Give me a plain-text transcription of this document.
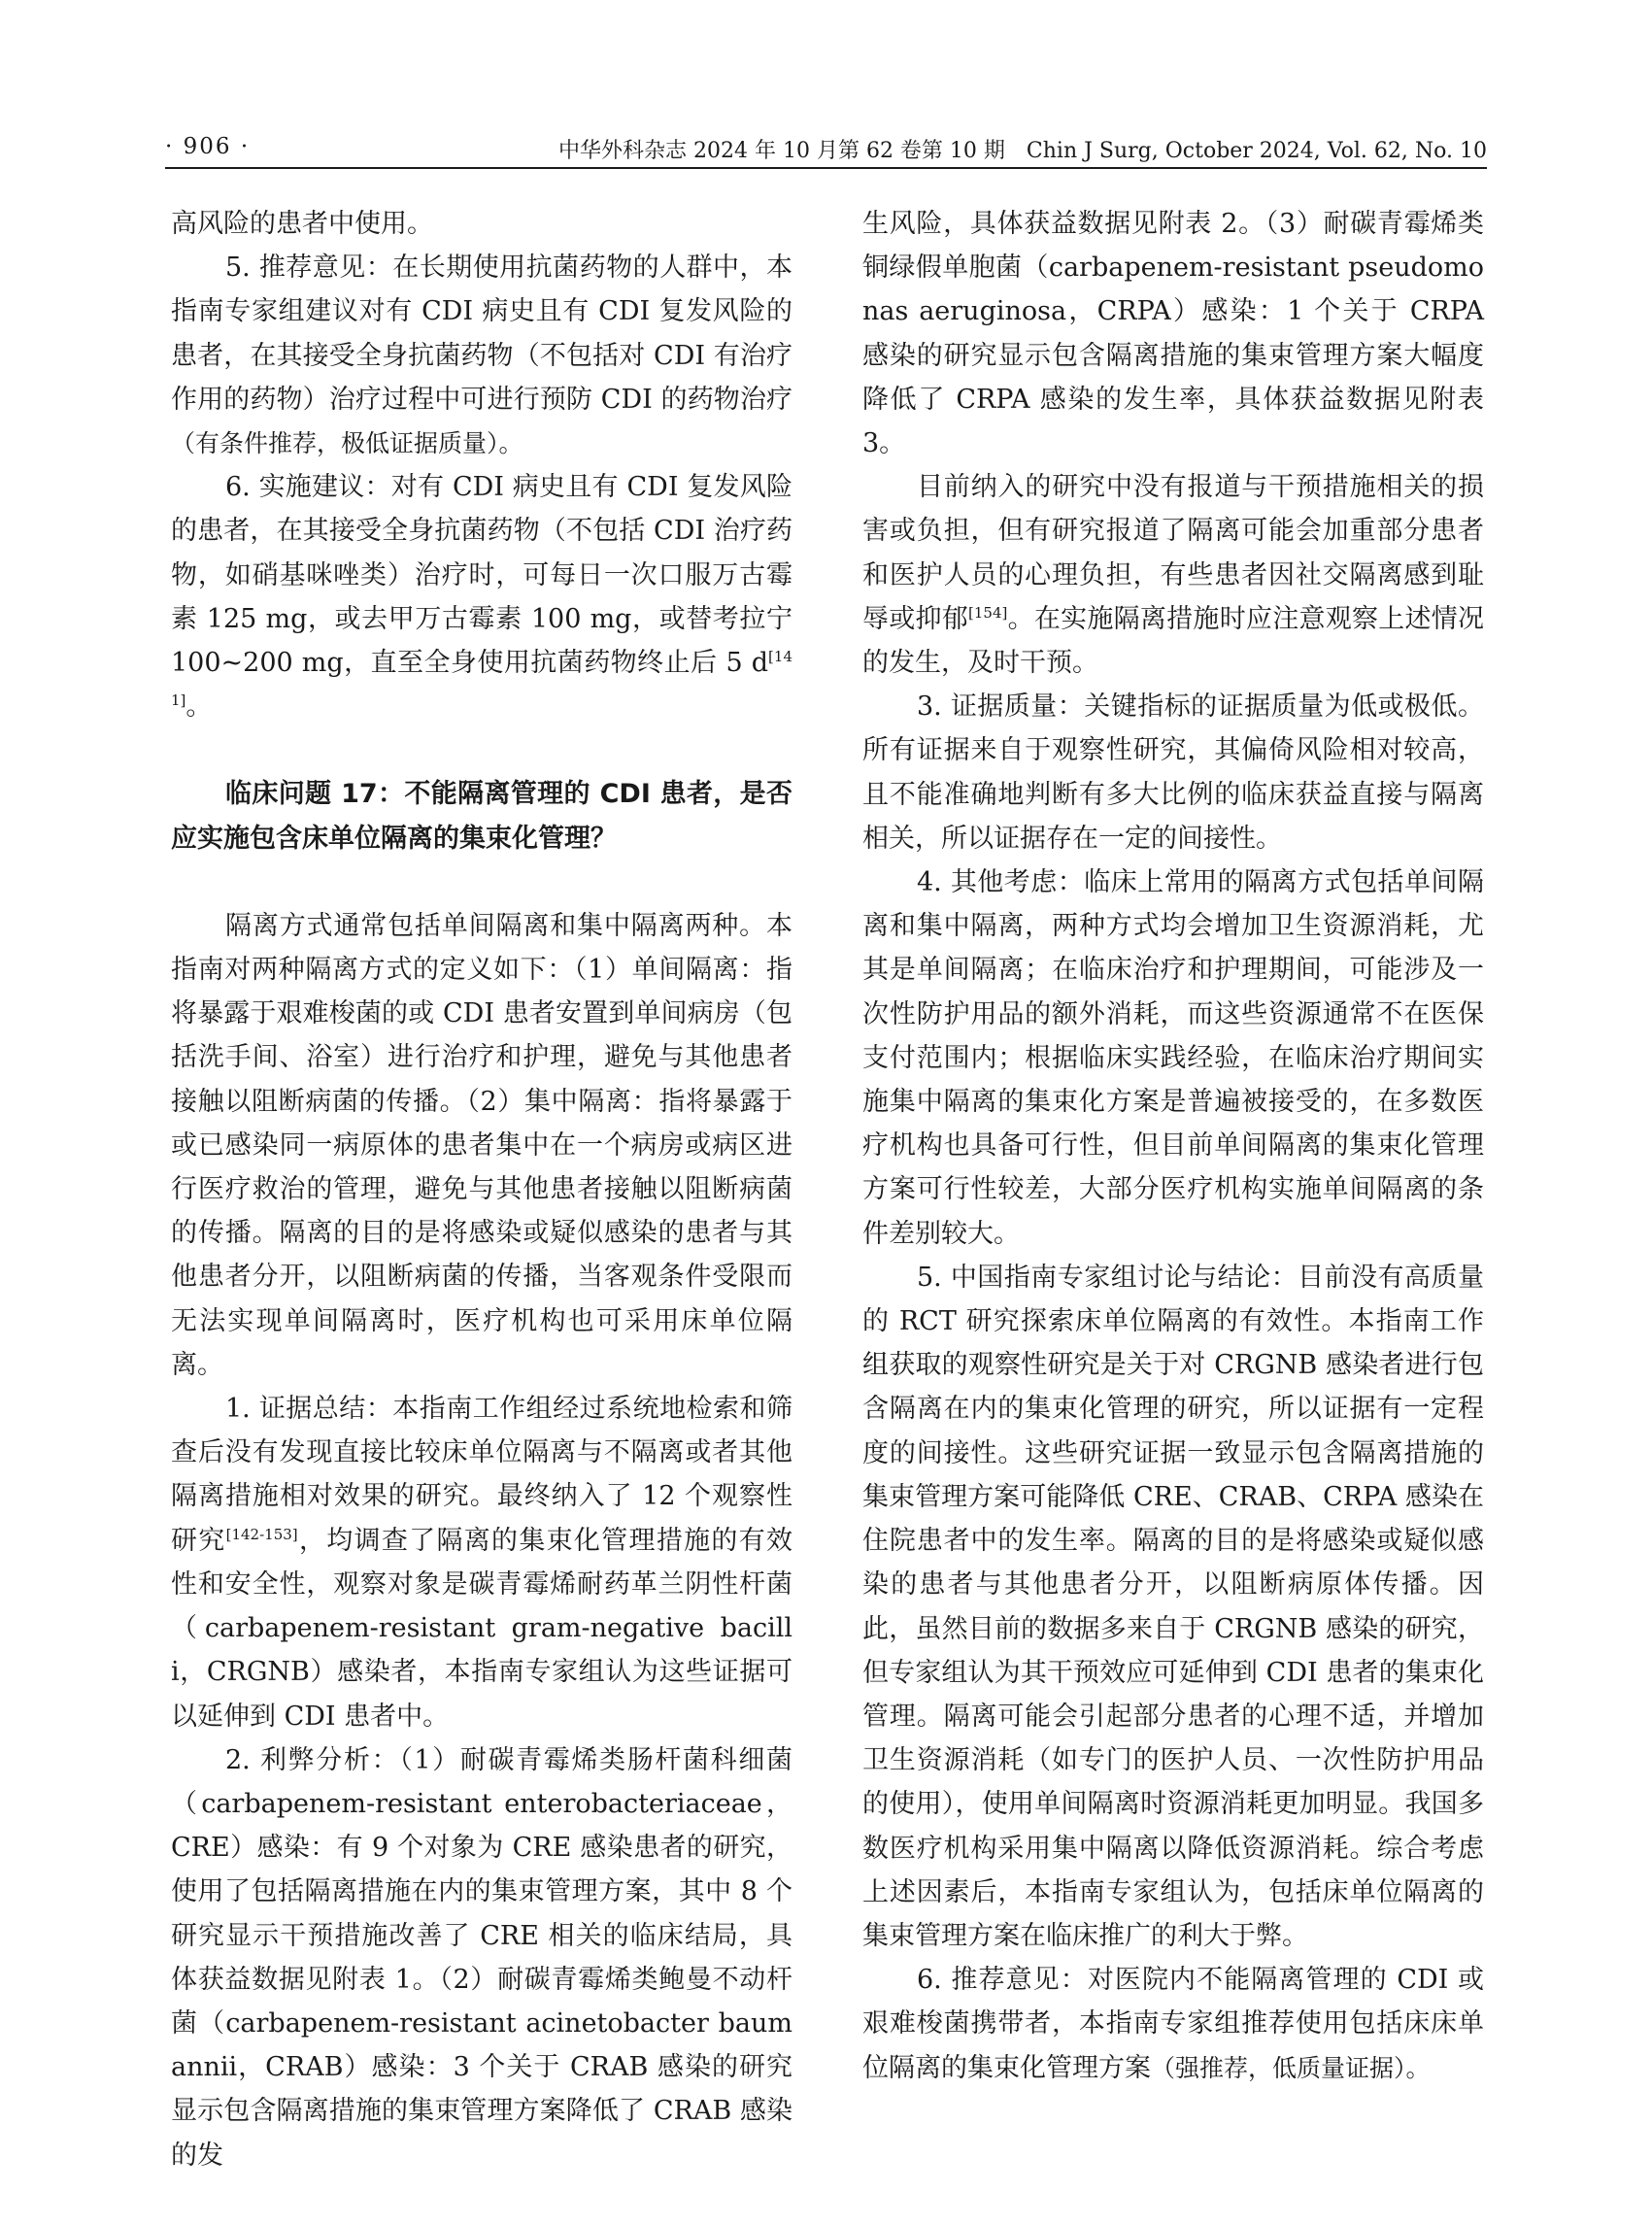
· 906 ·	中华外科杂志 2024 年 10 月第 62 卷第 10 期　Chin J Surg, October 2024, Vol. 62, No. 10

高风险的患者中使用。

5. 推荐意见：在长期使用抗菌药物的人群中，本指南专家组建议对有 CDI 病史且有 CDI 复发风险的患者，在其接受全身抗菌药物（不包括对 CDI 有治疗作用的药物）治疗过程中可进行预防 CDI 的药物治疗（有条件推荐，极低证据质量）。

6. 实施建议：对有 CDI 病史且有 CDI 复发风险的患者，在其接受全身抗菌药物（不包括 CDI 治疗药物，如硝基咪唑类）治疗时，可每日一次口服万古霉素 125 mg，或去甲万古霉素 100 mg，或替考拉宁 100~200 mg，直至全身使用抗菌药物终止后 5 d[141]。

临床问题 17：不能隔离管理的 CDI 患者，是否应实施包含床单位隔离的集束化管理？

隔离方式通常包括单间隔离和集中隔离两种。本指南对两种隔离方式的定义如下：（1）单间隔离：指将暴露于艰难梭菌的或 CDI 患者安置到单间病房（包括洗手间、浴室）进行治疗和护理，避免与其他患者接触以阻断病菌的传播。（2）集中隔离：指将暴露于或已感染同一病原体的患者集中在一个病房或病区进行医疗救治的管理，避免与其他患者接触以阻断病菌的传播。隔离的目的是将感染或疑似感染的患者与其他患者分开，以阻断病菌的传播，当客观条件受限而无法实现单间隔离时，医疗机构也可采用床单位隔离。

1. 证据总结：本指南工作组经过系统地检索和筛查后没有发现直接比较床单位隔离与不隔离或者其他隔离措施相对效果的研究。最终纳入了 12 个观察性研究[142-153]，均调查了隔离的集束化管理措施的有效性和安全性，观察对象是碳青霉烯耐药革兰阴性杆菌（carbapenem-resistant gram-negative bacilli，CRGNB）感染者，本指南专家组认为这些证据可以延伸到 CDI 患者中。

2. 利弊分析：（1）耐碳青霉烯类肠杆菌科细菌（carbapenem-resistant enterobacteriaceae，CRE）感染：有 9 个对象为 CRE 感染患者的研究，使用了包括隔离措施在内的集束管理方案，其中 8 个研究显示干预措施改善了 CRE 相关的临床结局，具体获益数据见附表 1。（2）耐碳青霉烯类鲍曼不动杆菌（carbapenem-resistant acinetobacter baumannii，CRAB）感染：3 个关于 CRAB 感染的研究显示包含隔离措施的集束管理方案降低了 CRAB 感染的发

生风险，具体获益数据见附表 2。（3）耐碳青霉烯类铜绿假单胞菌（carbapenem-resistant pseudomonas aeruginosa，CRPA）感染：1 个关于 CRPA 感染的研究显示包含隔离措施的集束管理方案大幅度降低了 CRPA 感染的发生率，具体获益数据见附表 3。

目前纳入的研究中没有报道与干预措施相关的损害或负担，但有研究报道了隔离可能会加重部分患者和医护人员的心理负担，有些患者因社交隔离感到耻辱或抑郁[154]。在实施隔离措施时应注意观察上述情况的发生，及时干预。

3. 证据质量：关键指标的证据质量为低或极低。所有证据来自于观察性研究，其偏倚风险相对较高，且不能准确地判断有多大比例的临床获益直接与隔离相关，所以证据存在一定的间接性。

4. 其他考虑：临床上常用的隔离方式包括单间隔离和集中隔离，两种方式均会增加卫生资源消耗，尤其是单间隔离；在临床治疗和护理期间，可能涉及一次性防护用品的额外消耗，而这些资源通常不在医保支付范围内；根据临床实践经验，在临床治疗期间实施集中隔离的集束化方案是普遍被接受的，在多数医疗机构也具备可行性，但目前单间隔离的集束化管理方案可行性较差，大部分医疗机构实施单间隔离的条件差别较大。

5. 中国指南专家组讨论与结论：目前没有高质量的 RCT 研究探索床单位隔离的有效性。本指南工作组获取的观察性研究是关于对 CRGNB 感染者进行包含隔离在内的集束化管理的研究，所以证据有一定程度的间接性。这些研究证据一致显示包含隔离措施的集束管理方案可能降低 CRE、CRAB、CRPA 感染在住院患者中的发生率。隔离的目的是将感染或疑似感染的患者与其他患者分开，以阻断病原体传播。因此，虽然目前的数据多来自于 CRGNB 感染的研究，但专家组认为其干预效应可延伸到 CDI 患者的集束化管理。隔离可能会引起部分患者的心理不适，并增加卫生资源消耗（如专门的医护人员、一次性防护用品的使用），使用单间隔离时资源消耗更加明显。我国多数医疗机构采用集中隔离以降低资源消耗。综合考虑上述因素后，本指南专家组认为，包括床单位隔离的集束管理方案在临床推广的利大于弊。

6. 推荐意见：对医院内不能隔离管理的 CDI 或艰难梭菌携带者，本指南专家组推荐使用包括床床单位隔离的集束化管理方案（强推荐，低质量证据）。
